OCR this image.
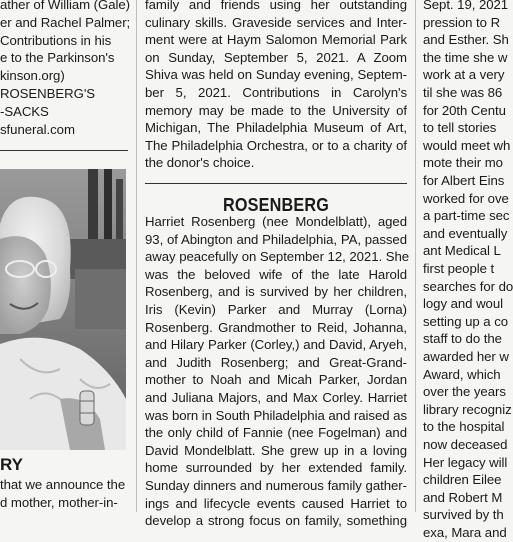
ather of William (Gale)
er and Rachel Palmer;
Contributions in his
e to the Parkinson's
kinson.org)
ROSENBERG'S
-SACKS
sfuneral.com
RY
that we announce the
d mother, mother-in-
family and friends using her outstanding
culinary skills. Graveside services and Inter-
ment were at Haym Salomon Memorial Park
on Sunday, September 5, 2021. A Zoom
Shiva was held on Sunday evening, Septem-
ber 5, 2021. Contributions in Carolyn's
memory may be made to the University of
Michigan, The Philadelphia Museum of Art,
The Philadelphia Orchestra, or to a charity of
the donor's choice.
ROSENBERG
Harriet Rosenberg (nee Mondelblatt), aged
93, of Abington and Philadelphia, PA, passed
away peacefully on September 12, 2021. She
was the beloved wife of the late Harold
Rosenberg, and is survived by her children,
Iris (Kevin) Parker and Murray (Lorna)
Rosenberg. Grandmother to Reid, Johanna,
and Hilary Parker (Corley,) and David, Aryeh,
and Judith Rosenberg; and Great-Grand-
mother to Noah and Micah Parker, Jordan
and Juliana Majors, and Max Corley. Harriet
was born in South Philadelphia and raised as
the only child of Fannie (nee Fogelman) and
David Mondelblatt. She grew up in a loving
home surrounded by her extended family.
Sunday dinners and numerous family gather-
ings and lifecycle events caused Harriet to
develop a strong focus on family, something
Sept. 19, 2021
pression to R
and Esther. Sh
the time she w
work at a very
til she was 86
for 20th Centu
to tell stories
would meet wh
mote their mo
for Albert Eins
worked for ove
a part-time sec
and eventually
ant Medical L
first people t
searches for do
logy and woul
setting up a co
staff to do the
awarded her w
Award, which
over the years
library recogniz
to the hospital
now deceased
Her legacy will
children Eilee
and Robert M
survived by th
exa, Mara and
